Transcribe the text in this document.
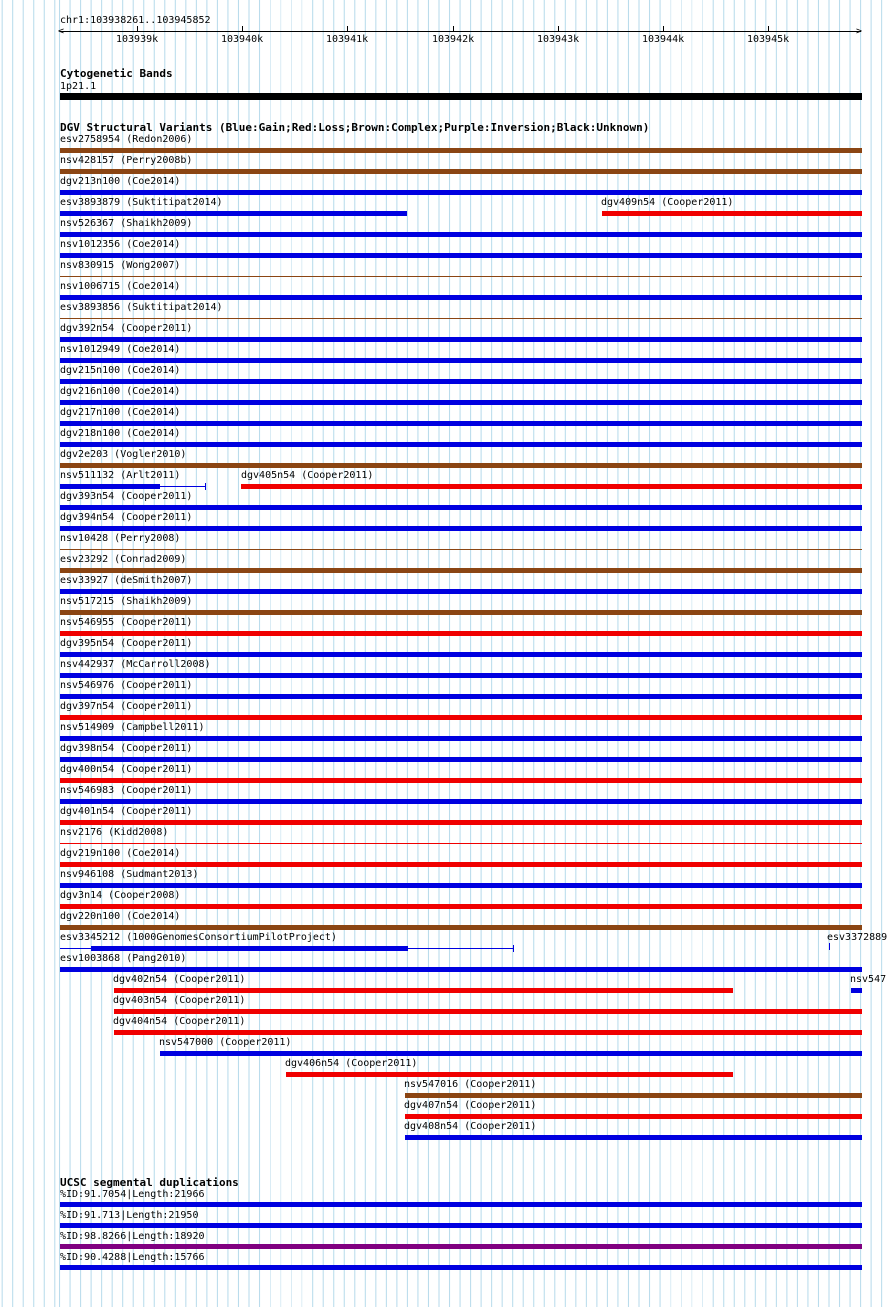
chr1:103938261..103945852
<	>
103939k	103940k	103941k	103942k	103943k	103944k	103945k
Cytogenetic Bands
1p21.1
DGV Structural Variants (Blue:Gain;Red:Loss;Brown:Complex;Purple:Inversion;Black:Unknown)
esv2758954 (Redon2006)
nsv428157 (Perry2008b)
dgv213n100 (Coe2014)
esv3893879 (Suktitipat2014)	dgv409n54 (Cooper2011)
nsv526367 (Shaikh2009)
nsv1012356 (Coe2014)
nsv830915 (Wong2007)
nsv1006715 (Coe2014)
esv3893856 (Suktitipat2014)
dgv392n54 (Cooper2011)
nsv1012949 (Coe2014)
dgv215n100 (Coe2014)
dgv216n100 (Coe2014)
dgv217n100 (Coe2014)
dgv218n100 (Coe2014)
dgv2e203 (Vogler2010)
nsv511132 (Arlt2011)	dgv405n54 (Cooper2011)
dgv393n54 (Cooper2011)
dgv394n54 (Cooper2011)
nsv10428 (Perry2008)
esv23292 (Conrad2009)
esv33927 (deSmith2007)
nsv517215 (Shaikh2009)
nsv546955 (Cooper2011)
dgv395n54 (Cooper2011)
nsv442937 (McCarroll2008)
nsv546976 (Cooper2011)
dgv397n54 (Cooper2011)
nsv514909 (Campbell2011)
dgv398n54 (Cooper2011)
dgv400n54 (Cooper2011)
nsv546983 (Cooper2011)
dgv401n54 (Cooper2011)
nsv2176 (Kidd2008)
dgv219n100 (Coe2014)
nsv946108 (Sudmant2013)
dgv3n14 (Cooper2008)
dgv220n100 (Coe2014)
esv3345212 (1000GenomesConsortiumPilotProject)	esv3372889
esv1003868 (Pang2010)
dgv402n54 (Cooper2011)	nsv547
dgv403n54 (Cooper2011)
dgv404n54 (Cooper2011)
nsv547000 (Cooper2011)
dgv406n54 (Cooper2011)
nsv547016 (Cooper2011)
dgv407n54 (Cooper2011)
dgv408n54 (Cooper2011)
UCSC segmental duplications
%ID:91.7054|Length:21966
%ID:91.713|Length:21950
%ID:98.8266|Length:18920
%ID:90.4288|Length:15766
